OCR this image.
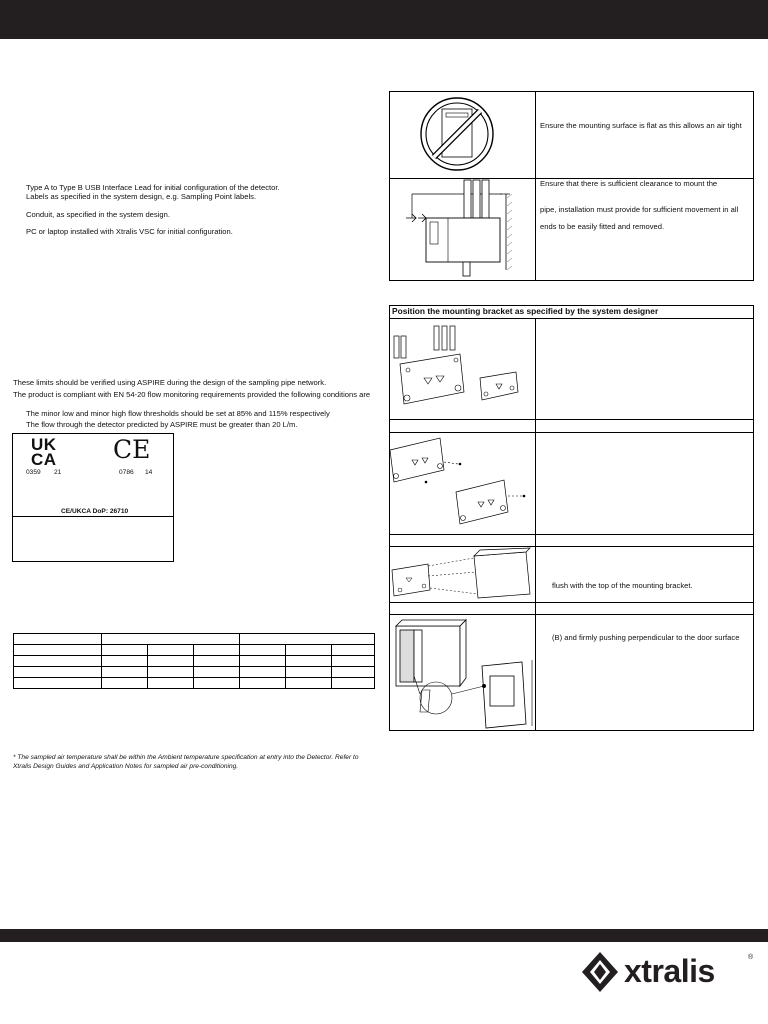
Type A to Type B USB Interface Lead for initial configuration of the detector.
Labels as specified in the system design, e.g. Sampling Point labels.
Conduit, as specified in the system design.
PC or laptop installed with Xtralis VSC for initial configuration.
These limits should be verified using ASPIRE during the design of the sampling pipe network.
The product is compliant with EN 54-20 flow monitoring requirements provided the following conditions are
The minor low and minor high flow thresholds should be set at 85% and 115% respectively
The flow through the detector predicted by ASPIRE must be greater than 20 L/m.
UK
CA
0359 21
CE
0786 14
CE/UKCA DoP: 26710

* The sampled air temperature shall be within the Ambient temperature specification at entry into the Detector. Refer to
Xtralis Design Guides and Application Notes for sampled air pre-conditioning.
Ensure the mounting surface is flat as this allows an air tight
Ensure that there is sufficient clearance to mount the
pipe, installation must provide for sufficient movement in all
ends to be easily fitted and removed.
Position the mounting bracket as specified by the system designer
flush with the top of the mounting bracket.
(B) and firmly pushing perpendicular to the door surface
xtralis	®
